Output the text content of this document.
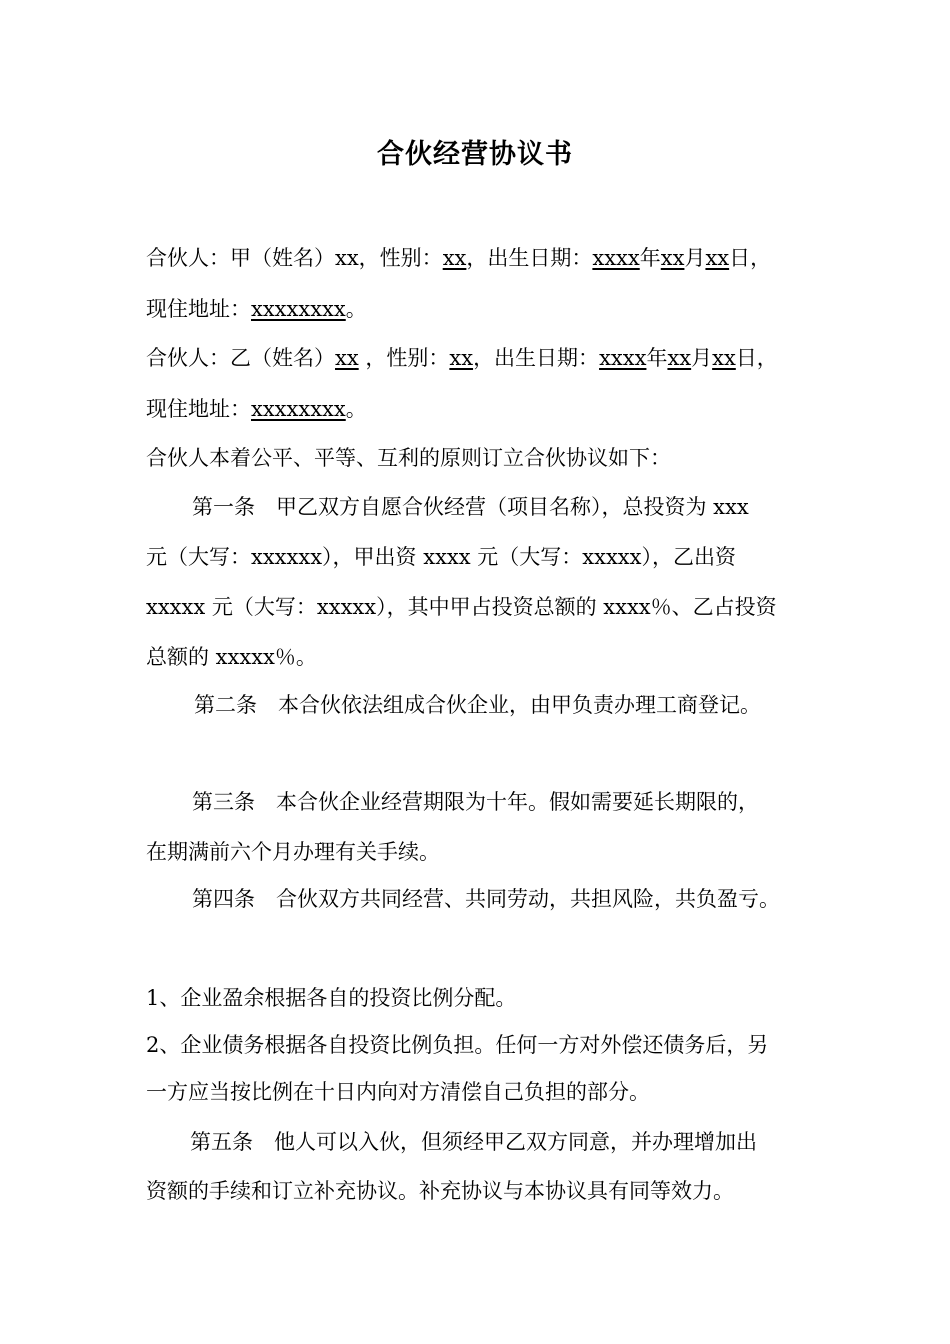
合伙经营协议书
合伙人：甲（姓名）xx，性别：xx，出生日期：xxxx年xx月xx日，
现住地址：xxxxxxxx。
合伙人：乙（姓名）xx ，性别：xx，出生日期：xxxx年xx月xx日，
现住地址：xxxxxxxx。
合伙人本着公平、平等、互利的原则订立合伙协议如下：
第一条　甲乙双方自愿合伙经营（项目名称），总投资为 xxx
元（大写：xxxxxx），甲出资 xxxx 元（大写：xxxxx），乙出资
xxxxx 元（大写：xxxxx），其中甲占投资总额的 xxxx％、乙占投资
总额的 xxxxx％。
第二条　本合伙依法组成合伙企业，由甲负责办理工商登记。
第三条　本合伙企业经营期限为十年。假如需要延长期限的，
在期满前六个月办理有关手续。
第四条　合伙双方共同经营、共同劳动，共担风险，共负盈亏。
1、企业盈余根据各自的投资比例分配。
2、企业债务根据各自投资比例负担。任何一方对外偿还债务后，另
一方应当按比例在十日内向对方清偿自己负担的部分。
第五条　他人可以入伙，但须经甲乙双方同意，并办理增加出
资额的手续和订立补充协议。补充协议与本协议具有同等效力。
